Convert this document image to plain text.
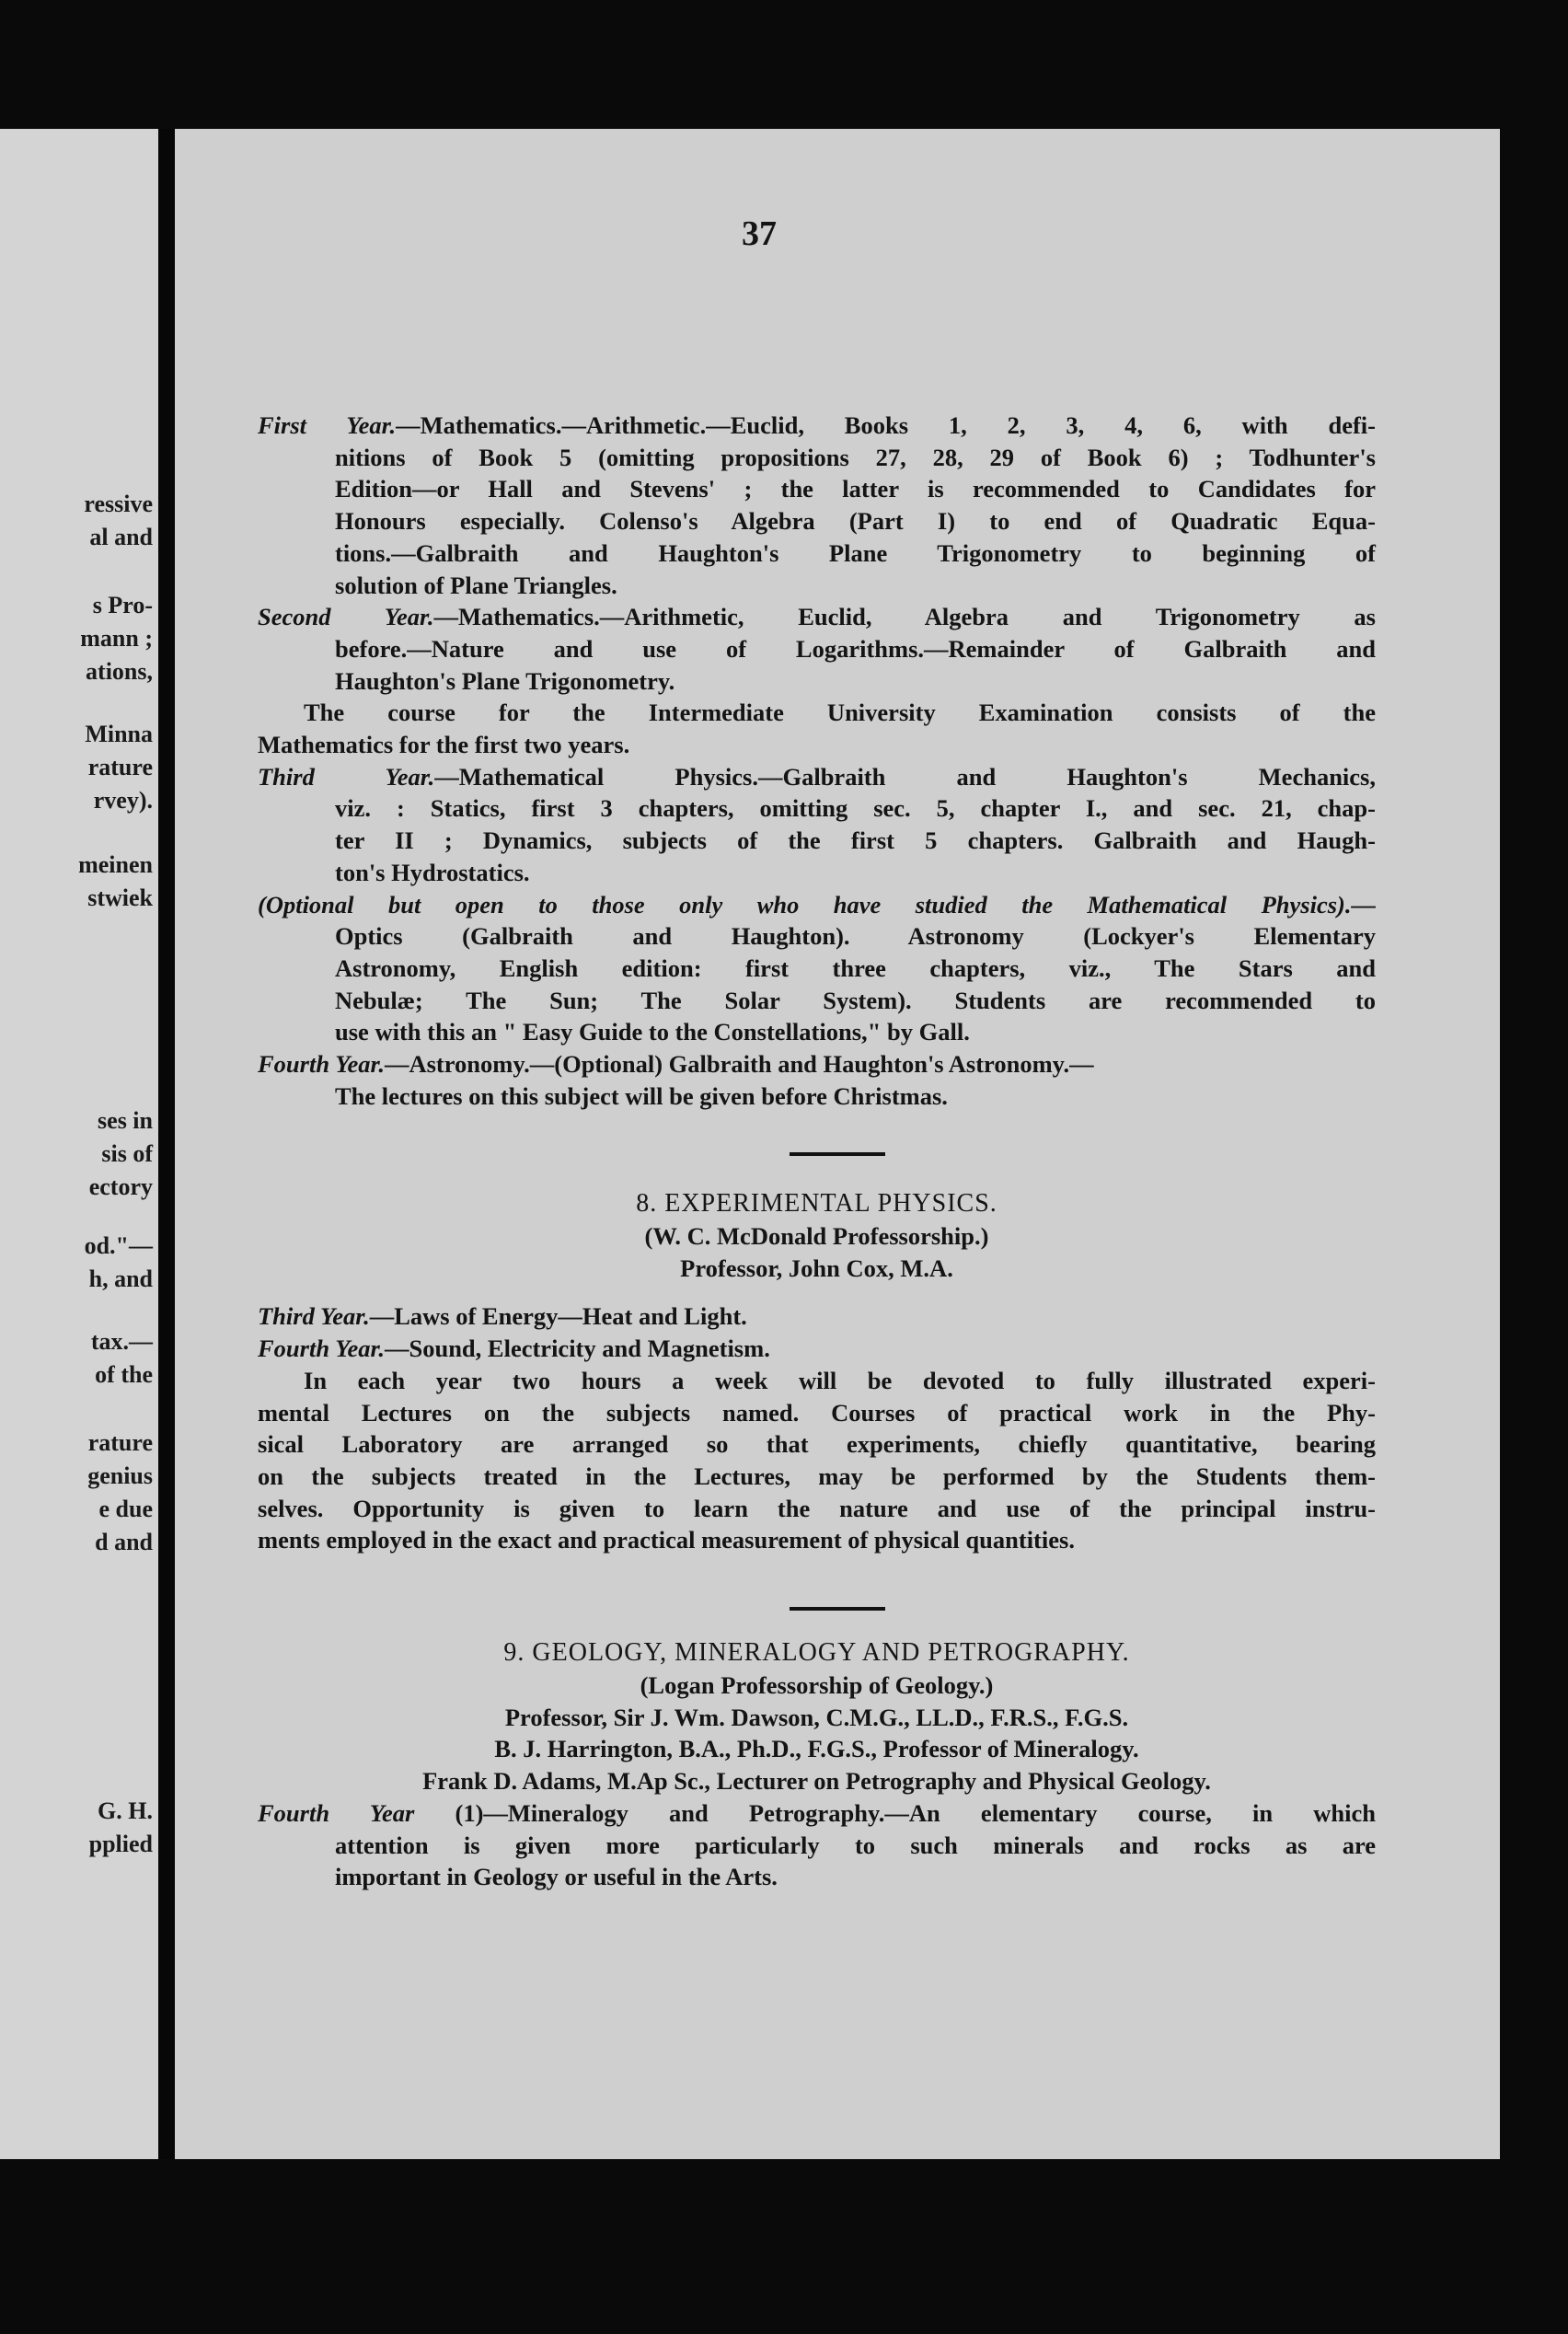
ressive
al and
s Pro-
mann ;
ations,
Minna
rature
rvey).
meinen
stwiek
ses in
sis of
ectory
od."—
h, and
tax.—
of the
rature
genius
e due
d and
G. H.
pplied
37
First Year.—Mathematics.—Arithmetic.—Euclid, Books 1, 2, 3, 4, 6, with defi-
nitions of Book 5 (omitting propositions 27, 28, 29 of Book 6) ; Todhunter's
Edition—or Hall and Stevens' ; the latter is recommended to Candidates for
Honours especially. Colenso's Algebra (Part I) to end of Quadratic Equa-
tions.—Galbraith and Haughton's Plane Trigonometry to beginning of
solution of Plane Triangles.
Second Year.—Mathematics.—Arithmetic, Euclid, Algebra and Trigonometry as
before.—Nature and use of Logarithms.—Remainder of Galbraith and
Haughton's Plane Trigonometry.
The course for the Intermediate University Examination consists of the
Mathematics for the first two years.
Third Year.—Mathematical Physics.—Galbraith and Haughton's Mechanics,
viz. : Statics, first 3 chapters, omitting sec. 5, chapter I., and sec. 21, chap-
ter II ; Dynamics, subjects of the first 5 chapters. Galbraith and Haugh-
ton's Hydrostatics.
(Optional but open to those only who have studied the Mathematical Physics).—
Optics (Galbraith and Haughton). Astronomy (Lockyer's Elementary
Astronomy, English edition: first three chapters, viz., The Stars and
Nebulæ; The Sun; The Solar System). Students are recommended to
use with this an " Easy Guide to the Constellations," by Gall.
Fourth Year.—Astronomy.—(Optional) Galbraith and Haughton's Astronomy.—
The lectures on this subject will be given before Christmas.
8. EXPERIMENTAL PHYSICS.
(W. C. McDonald Professorship.)
Professor, John Cox, M.A.
Third Year.—Laws of Energy—Heat and Light.
Fourth Year.—Sound, Electricity and Magnetism.
In each year two hours a week will be devoted to fully illustrated experi-
mental Lectures on the subjects named. Courses of practical work in the Phy-
sical Laboratory are arranged so that experiments, chiefly quantitative, bearing
on the subjects treated in the Lectures, may be performed by the Students them-
selves. Opportunity is given to learn the nature and use of the principal instru-
ments employed in the exact and practical measurement of physical quantities.
9. GEOLOGY, MINERALOGY AND PETROGRAPHY.
(Logan Professorship of Geology.)
Professor, Sir J. Wm. Dawson, C.M.G., LL.D., F.R.S., F.G.S.
B. J. Harrington, B.A., Ph.D., F.G.S., Professor of Mineralogy.
Frank D. Adams, M.Ap Sc., Lecturer on Petrography and Physical Geology.
Fourth Year (1)—Mineralogy and Petrography.—An elementary course, in which
attention is given more particularly to such minerals and rocks as are
important in Geology or useful in the Arts.
